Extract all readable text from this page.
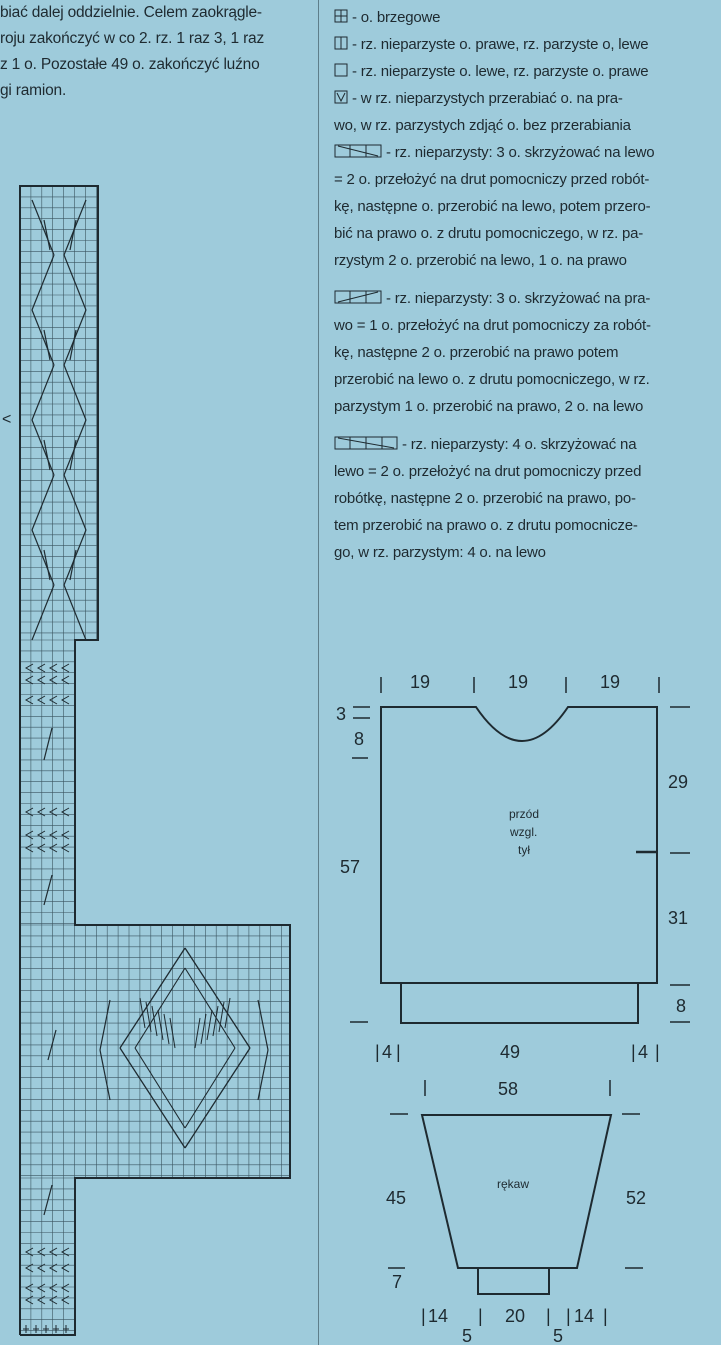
biać dalej oddzielnie. Celem zaokrągle-
roju zakończyć w co 2. rz. 1 raz 3, 1 raz
z 1 o. Pozostałe 49 o. zakończyć luźno
gi ramion.
<
- o. brzegowe
- rz. nieparzyste o. prawe, rz. parzyste o, lewe
- rz. nieparzyste o. lewe, rz. parzyste o. prawe
- w rz. nieparzystych przerabiać o. na pra-
wo, w rz. parzystych zdjąć o. bez przerabiania
- rz. nieparzysty: 3 o. skrzyżować na lewo
= 2 o. przełożyć na drut pomocniczy przed robót-
kę, następne o. przerobić na lewo, potem przero-
bić na prawo o. z drutu pomocniczego, w rz. pa-
rzystym 2 o. przerobić na lewo, 1 o. na prawo
- rz. nieparzysty: 3 o. skrzyżować na pra-
wo = 1 o. przełożyć na drut pomocniczy za robót-
kę, następne 2 o. przerobić na prawo potem
przerobić na lewo o. z drutu pomocniczego, w rz.
parzystym 1 o. przerobić na prawo, 2 o. na lewo
- rz. nieparzysty: 4 o. skrzyżować na
lewo = 2 o. przełożyć na drut pomocniczy przed
robótkę, następne 2 o. przerobić na prawo, po-
tem przerobić na prawo o. z drutu pomocnicze-
go, w rz. parzystym: 4 o. na lewo
19	19	19
3
8
57
29
31
8
4	49	4
58
45	52
7
14
5
20
5
14
przód
wzgl.
tył
rękaw
| |	| |
|	|	| | |
